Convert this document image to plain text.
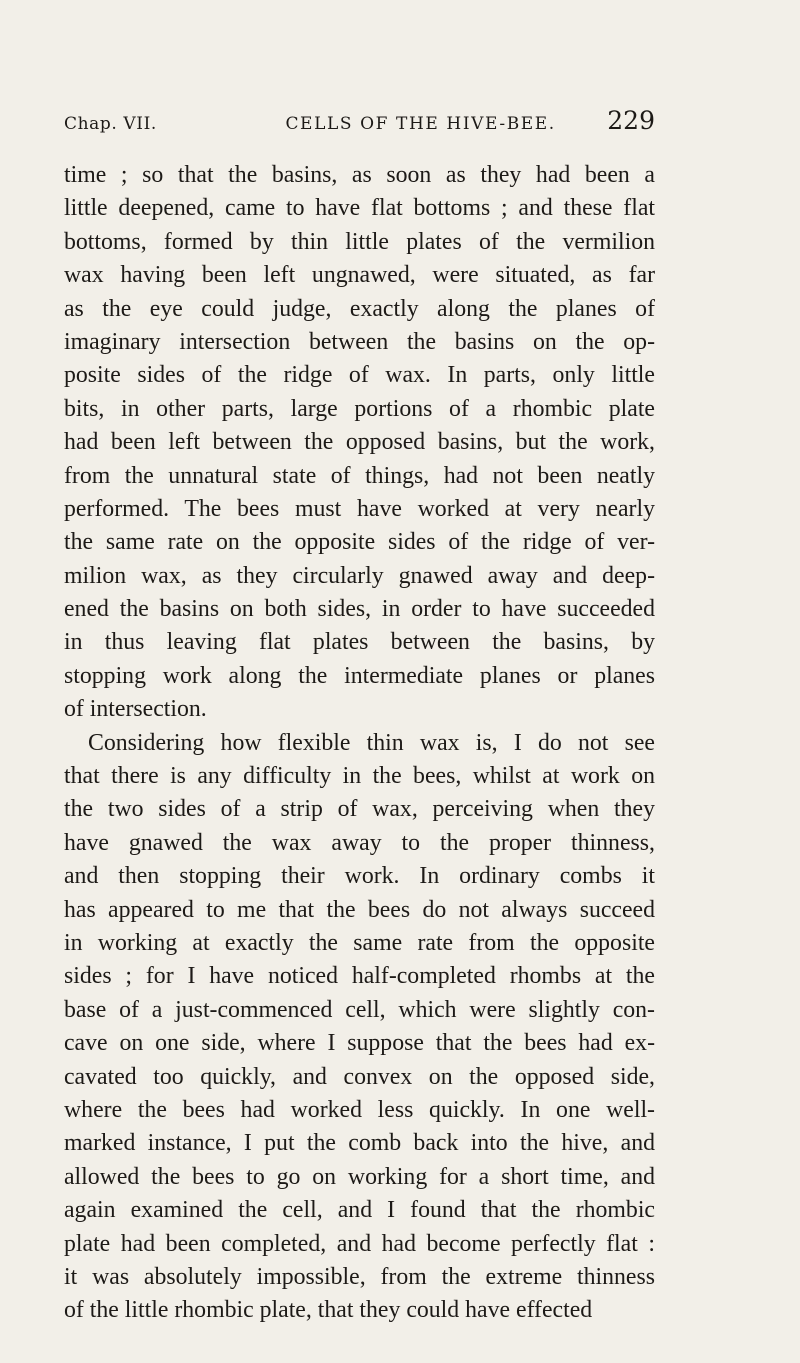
Chap. VII.	CELLS OF THE HIVE-BEE.	229
time ; so that the basins, as soon as they had been a
little deepened, came to have flat bottoms ; and these flat
bottoms, formed by thin little plates of the vermilion
wax having been left ungnawed, were situated, as far
as the eye could judge, exactly along the planes of
imaginary intersection between the basins on the op-
posite sides of the ridge of wax. In parts, only little
bits, in other parts, large portions of a rhombic plate
had been left between the opposed basins, but the work,
from the unnatural state of things, had not been neatly
performed. The bees must have worked at very nearly
the same rate on the opposite sides of the ridge of ver-
milion wax, as they circularly gnawed away and deep-
ened the basins on both sides, in order to have succeeded
in thus leaving flat plates between the basins, by
stopping work along the intermediate planes or planes
of intersection.
Considering how flexible thin wax is, I do not see
that there is any difficulty in the bees, whilst at work on
the two sides of a strip of wax, perceiving when they
have gnawed the wax away to the proper thinness,
and then stopping their work. In ordinary combs it
has appeared to me that the bees do not always succeed
in working at exactly the same rate from the opposite
sides ; for I have noticed half-completed rhombs at the
base of a just-commenced cell, which were slightly con-
cave on one side, where I suppose that the bees had ex-
cavated too quickly, and convex on the opposed side,
where the bees had worked less quickly. In one well-
marked instance, I put the comb back into the hive, and
allowed the bees to go on working for a short time, and
again examined the cell, and I found that the rhombic
plate had been completed, and had become perfectly flat :
it was absolutely impossible, from the extreme thinness
of the little rhombic plate, that they could have effected
